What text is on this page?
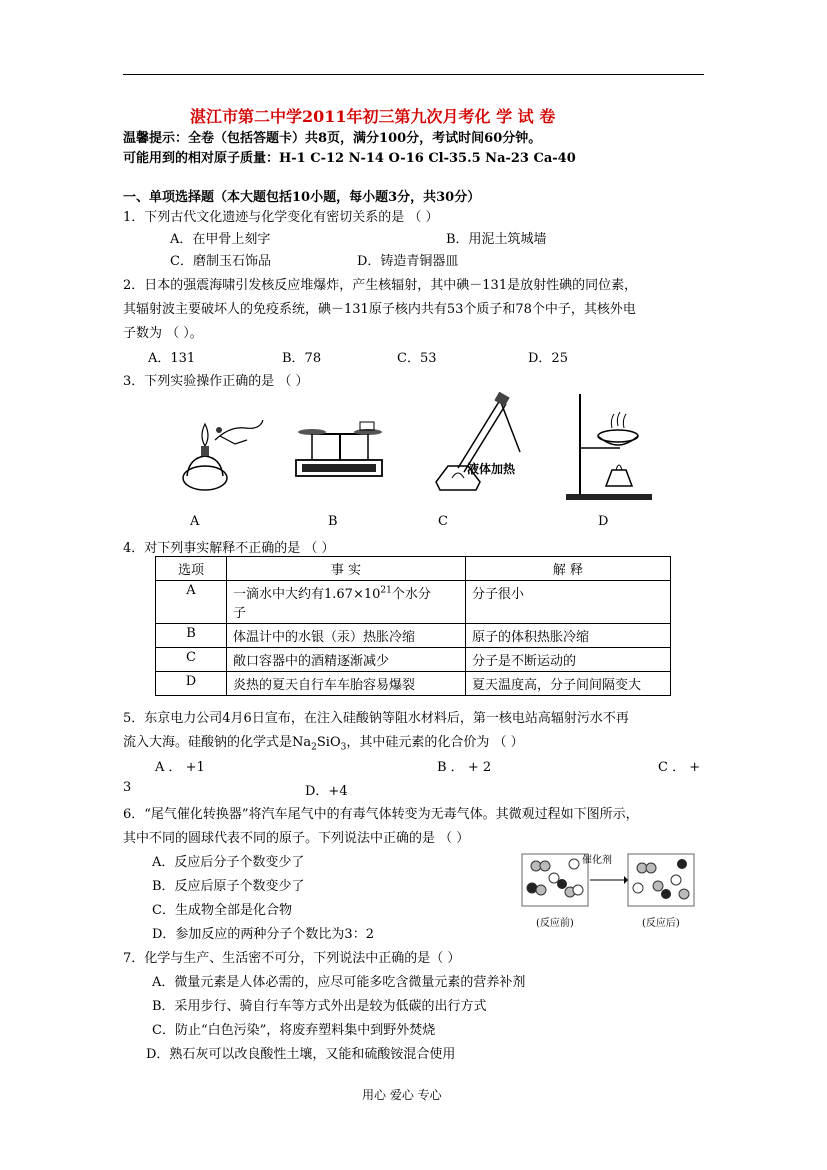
湛江市第二中学2011年初三第九次月考化 学 试 卷
温馨提示：全卷（包括答题卡）共8页，满分100分，考试时间60分钟。
可能用到的相对原子质量：H-1 C-12 N-14 O-16 Cl-35.5 Na-23 Ca-40
一、单项选择题（本大题包括10小题，每小题3分，共30分）
1．下列古代文化遗迹与化学变化有密切关系的是 （ ）
A．在甲骨上刻字	B．用泥土筑城墙
C．磨制玉石饰品	D．铸造青铜器皿
2．日本的强震海啸引发核反应堆爆炸，产生核辐射，其中碘－131是放射性碘的同位素，
其辐射波主要破坏人的免疫系统，碘－131原子核内共有53个质子和78个中子，其核外电
子数为 （ ）。
A．131	B．78	C．53	D．25
3．下列实验操作正确的是 （ ）
液体加热
A	B	C	D
4．对下列事实解释不正确的是 （ ）
选项	事 实	解 释
A	一滴水中大约有$1.67\times 10^{21}$个水分
子	分子很小
B	体温计中的水银（汞）热胀冷缩	原子的体积热胀冷缩
C	敞口容器中的酒精逐渐减少	分子是不断运动的
D	炎热的夏天自行车车胎容易爆裂	夏天温度高，分子间间隔变大
5．东京电力公司4月6日宣布，在注入硅酸钠等阻水材料后，第一核电站高辐射污水不再
流入大海。硅酸钠的化学式是$Na_2SiO_3$，其中硅元素的化合价为 （ ）
A ． +1	B ． + 2	C ． +
3	D．+4
6．“尾气催化转换器”将汽车尾气中的有毒气体转变为无毒气体。其微观过程如下图所示，
其中不同的圆球代表不同的原子。下列说法中正确的是 （ ）
A．反应后分子个数变少了
B．反应后原子个数变少了
C．生成物全部是化合物
D．参加反应的两种分子个数比为3：2
催化剂
(反应前)	(反应后)
7．化学与生产、生活密不可分，下列说法中正确的是（ ）
A．微量元素是人体必需的，应尽可能多吃含微量元素的营养补剂
B．采用步行、骑自行车等方式外出是较为低碳的出行方式
C．防止“白色污染”，将废弃塑料集中到野外焚烧
D．熟石灰可以改良酸性土壤，又能和硫酸铵混合使用
用心 爱心 专心
